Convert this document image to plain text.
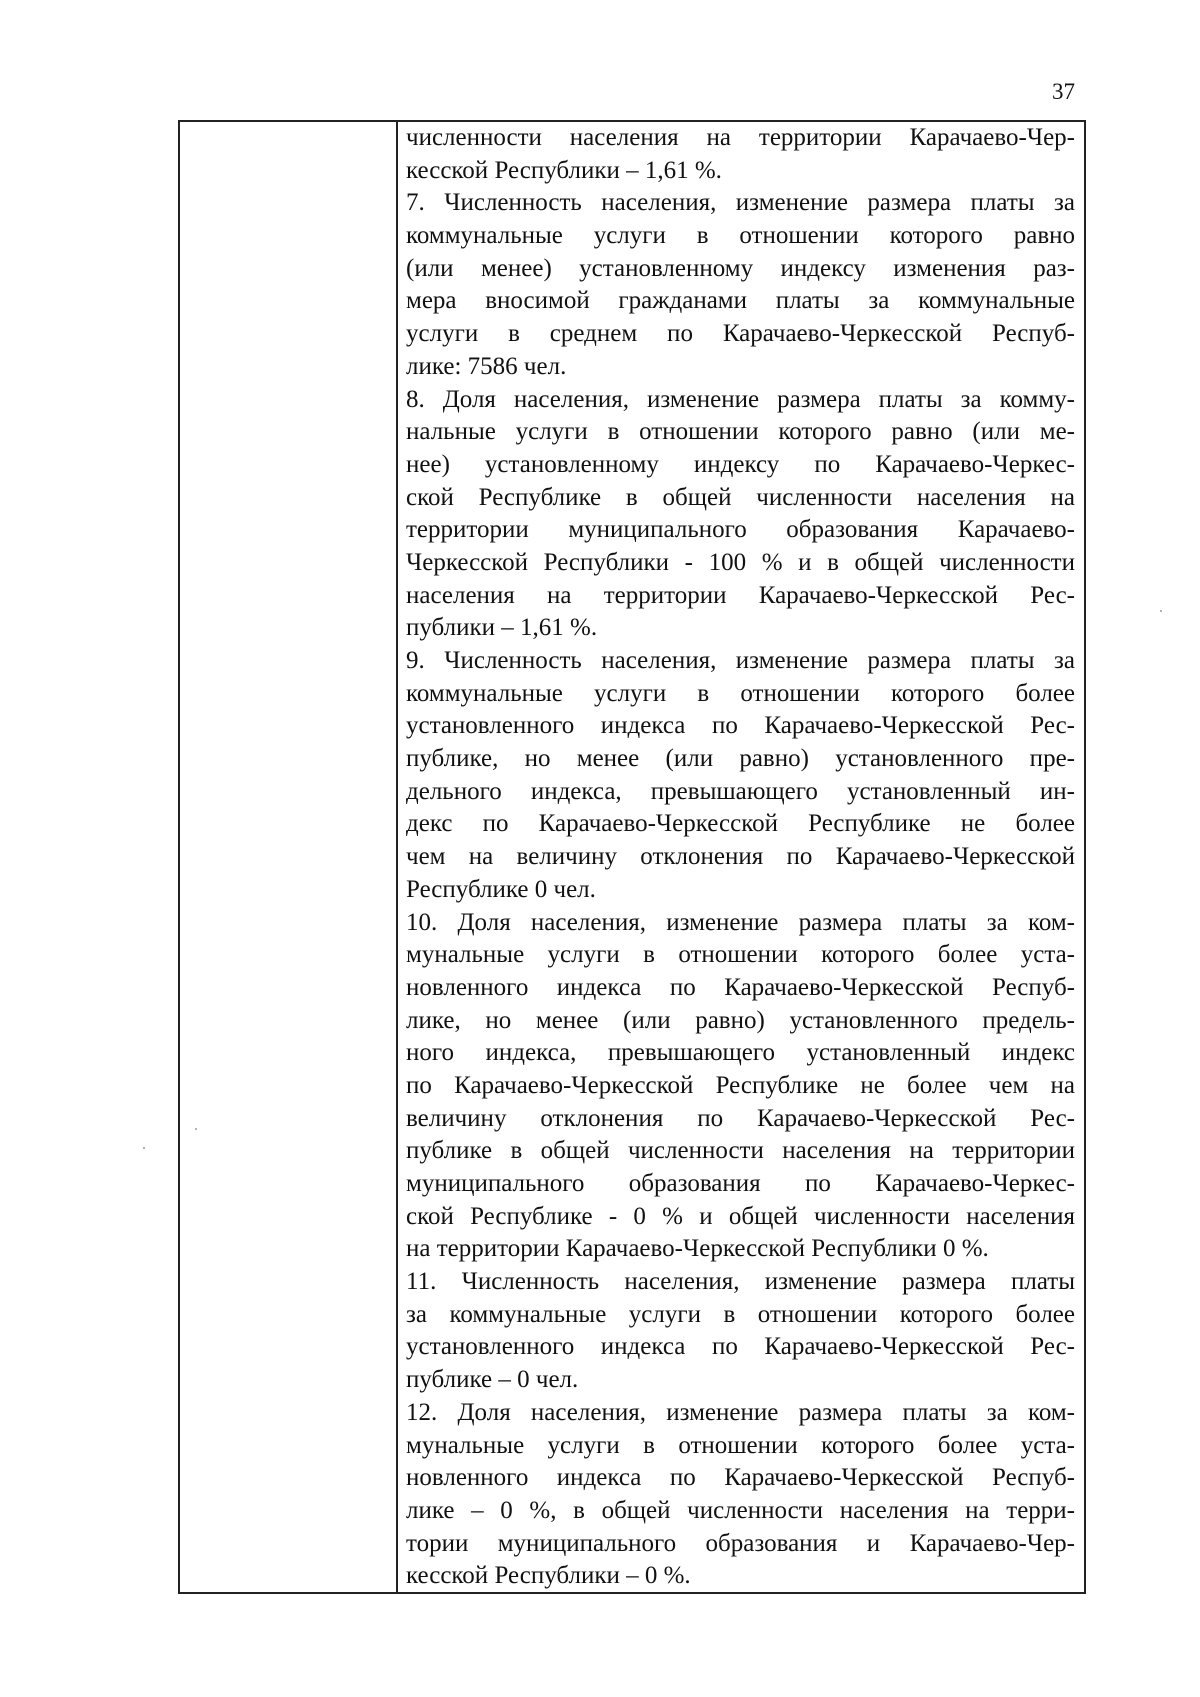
37
численности населения на территории Карачаево-Чер-
кесской Республики – 1,61 %.
7. Численность населения, изменение размера платы за
коммунальные услуги в отношении которого равно
(или менее) установленному индексу изменения раз-
мера вносимой гражданами платы за коммунальные
услуги в среднем по Карачаево-Черкесской Респуб-
лике: 7586 чел.
8. Доля населения, изменение размера платы за комму-
нальные услуги в отношении которого равно (или ме-
нее) установленному индексу по Карачаево-Черкес-
ской Республике в общей численности населения на
территории муниципального образования Карачаево-
Черкесской Республики - 100 % и в общей численности
населения на территории Карачаево-Черкесской Рес-
публики – 1,61 %.
9. Численность населения, изменение размера платы за
коммунальные услуги в отношении которого более
установленного индекса по Карачаево-Черкесской Рес-
публике, но менее (или равно) установленного пре-
дельного индекса, превышающего установленный ин-
декс по Карачаево-Черкесской Республике не более
чем на величину отклонения по Карачаево-Черкесской
Республике 0 чел.
10. Доля населения, изменение размера платы за ком-
мунальные услуги в отношении которого более уста-
новленного индекса по Карачаево-Черкесской Респуб-
лике, но менее (или равно) установленного предель-
ного индекса, превышающего установленный индекс
по Карачаево-Черкесской Республике не более чем на
величину отклонения по Карачаево-Черкесской Рес-
публике в общей численности населения на территории
муниципального образования по Карачаево-Черкес-
ской Республике - 0 % и общей численности населения
на территории Карачаево-Черкесской Республики 0 %.
11. Численность населения, изменение размера платы
за коммунальные услуги в отношении которого более
установленного индекса по Карачаево-Черкесской Рес-
публике – 0 чел.
12. Доля населения, изменение размера платы за ком-
мунальные услуги в отношении которого более уста-
новленного индекса по Карачаево-Черкесской Респуб-
лике – 0 %, в общей численности населения на терри-
тории муниципального образования и Карачаево-Чер-
кесской Республики – 0 %.
